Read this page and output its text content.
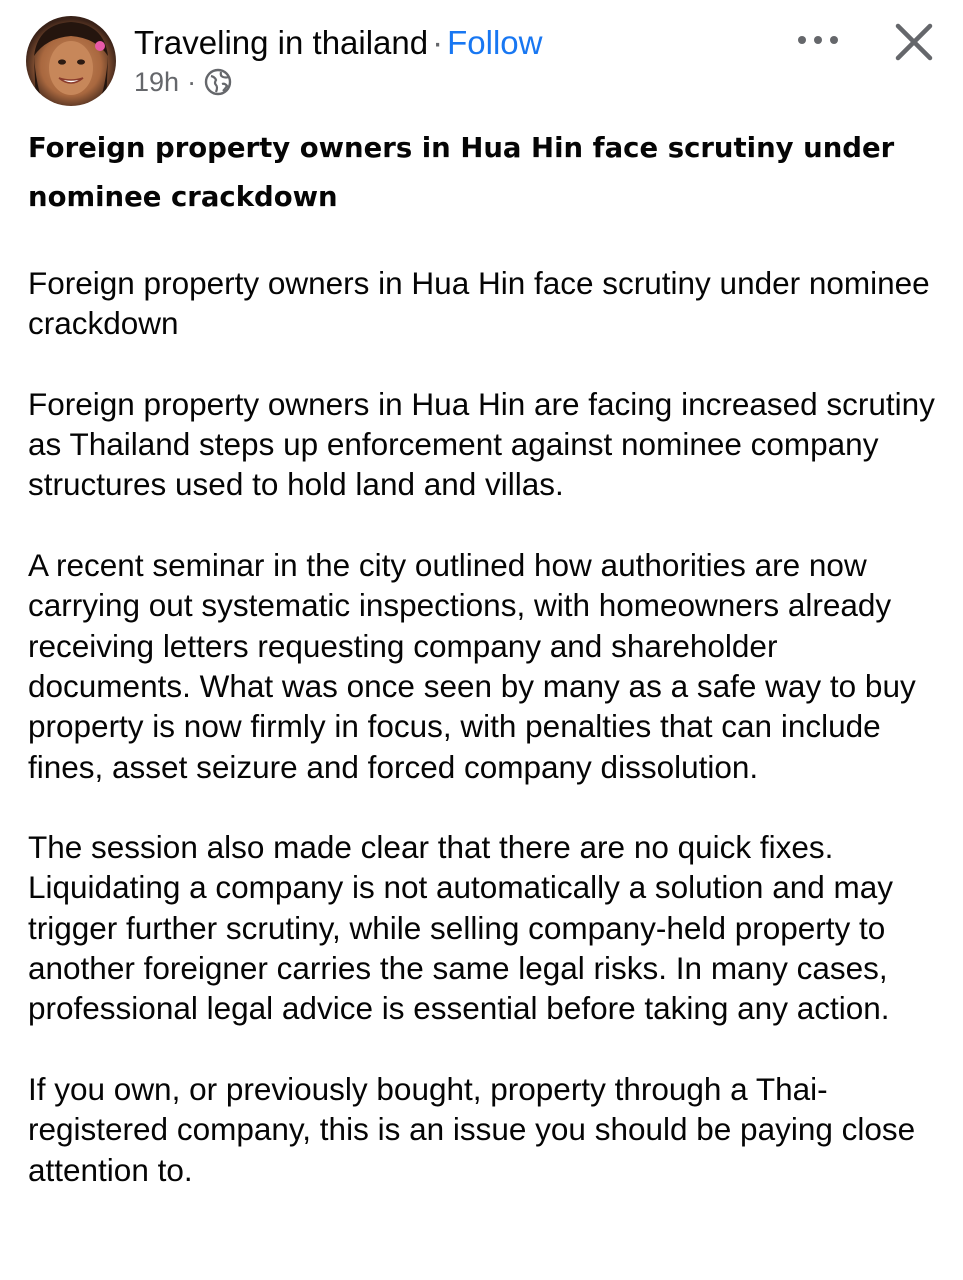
Traveling in thailand · Follow
19h ·
Foreign property owners in Hua Hin face scrutiny under nominee crackdown

Foreign property owners in Hua Hin face scrutiny under nominee crackdown

Foreign property owners in Hua Hin are facing increased scrutiny as Thailand steps up enforcement against nominee company structures used to hold land and villas.

A recent seminar in the city outlined how authorities are now carrying out systematic inspections, with homeowners already receiving letters requesting company and shareholder documents. What was once seen by many as a safe way to buy property is now firmly in focus, with penalties that can include fines, asset seizure and forced company dissolution.

The session also made clear that there are no quick fixes. Liquidating a company is not automatically a solution and may trigger further scrutiny, while selling company-held property to another foreigner carries the same legal risks. In many cases, professional legal advice is essential before taking any action.

If you own, or previously bought, property through a Thai-registered company, this is an issue you should be paying close attention to.
